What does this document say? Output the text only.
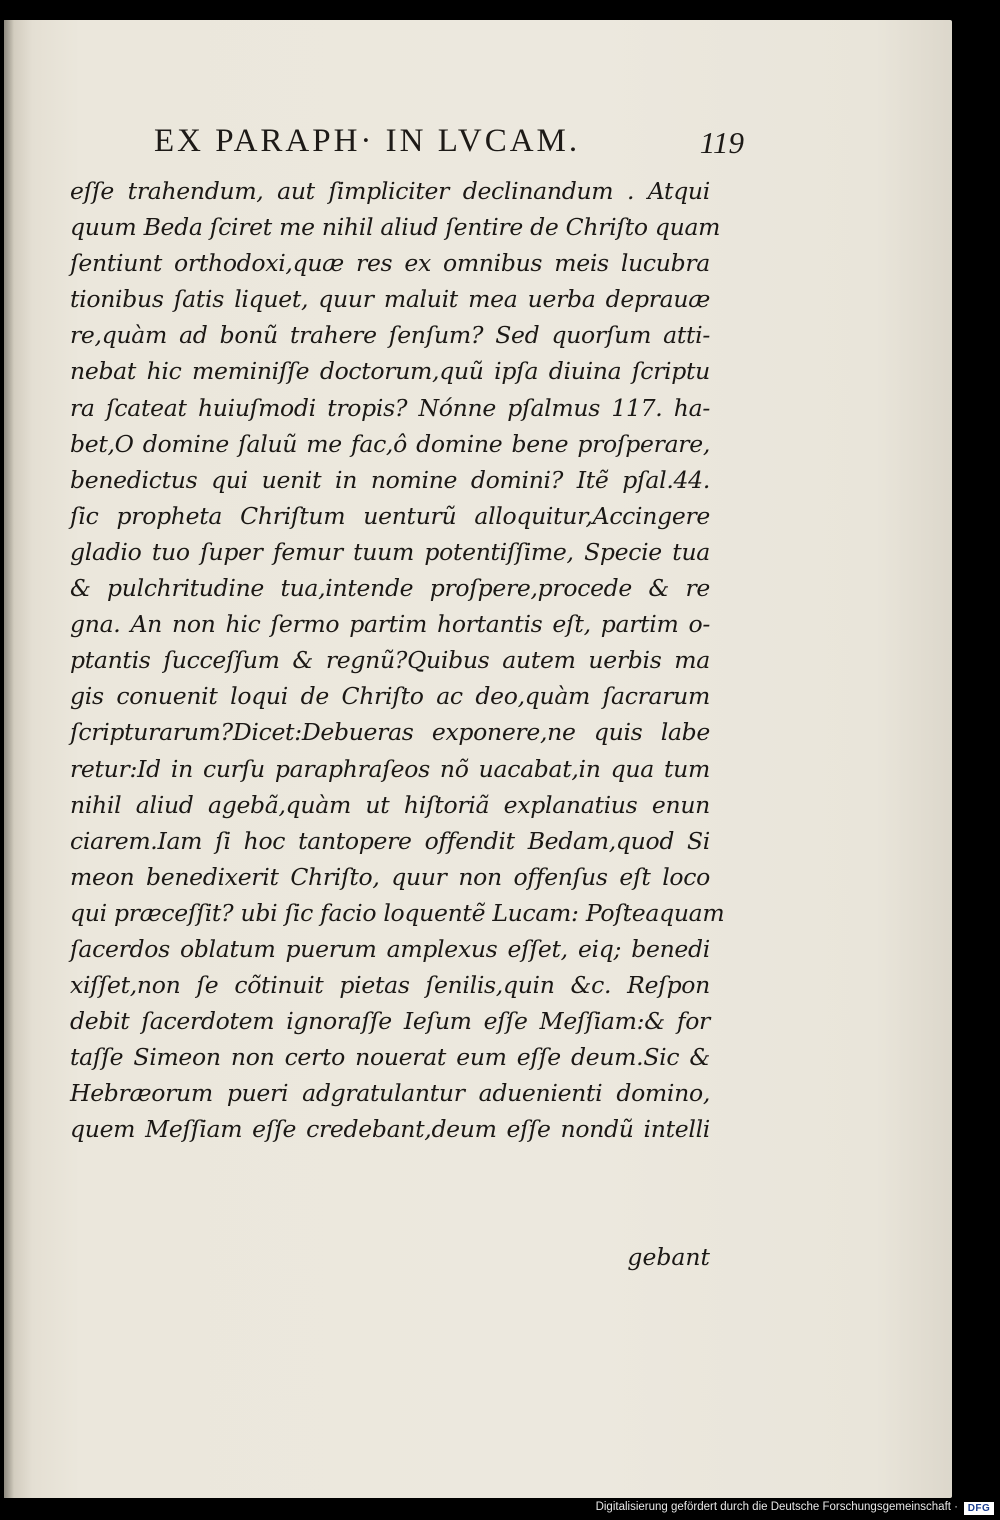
EX PARAPH· IN LVCAM.	119
eſſe trahendum, aut ſimpliciter declinandum . Atqui
quum Beda ſciret me nihil aliud ſentire de Chriſto quam
ſentiunt orthodoxi,quæ res ex omnibus meis lucubra
tionibus ſatis liquet, quur maluit mea uerba deprauæ
re,quàm ad bonũ trahere ſenſum? Sed quorſum atti-
nebat hic meminiſſe doctorum,quũ ipſa diuina ſcriptu
ra ſcateat huiuſmodi tropis? Nónne pſalmus 117. ha-
bet,O domine ſaluũ me fac,ô domine bene proſperare,
benedictus qui uenit in nomine domini? Itẽ pſal.44.
ſic propheta Chriſtum uenturũ alloquitur,Accingere
gladio tuo ſuper femur tuum potentiſſime, Specie tua
& pulchritudine tua,intende proſpere,procede & re
gna. An non hic ſermo partim hortantis eſt, partim o-
ptantis ſucceſſum & regnũ?Quibus autem uerbis ma
gis conuenit loqui de Chriſto ac deo,quàm ſacrarum
ſcripturarum?Dicet:Debueras exponere,ne quis labe
retur:Id in curſu paraphraſeos nõ uacabat,in qua tum
nihil aliud agebã,quàm ut hiſtoriã explanatius enun
ciarem.Iam ſi hoc tantopere offendit Bedam,quod Si
meon benedixerit Chriſto, quur non offenſus eſt loco
qui præceſſit? ubi ſic facio loquentẽ Lucam: Poſteaquam
ſacerdos oblatum puerum amplexus eſſet, eiq; benedi
xiſſet,non ſe cõtinuit pietas ſenilis,quin &c. Reſpon
debit ſacerdotem ignoraſſe Ieſum eſſe Meſſiam:& for
taſſe Simeon non certo nouerat eum eſſe deum.Sic &
Hebræorum pueri adgratulantur aduenienti domino,
quem Meſſiam eſſe credebant,deum eſſe nondũ intelli
gebant
Digitalisierung gefördert durch die Deutsche Forschungsgemeinschaft · DFG
